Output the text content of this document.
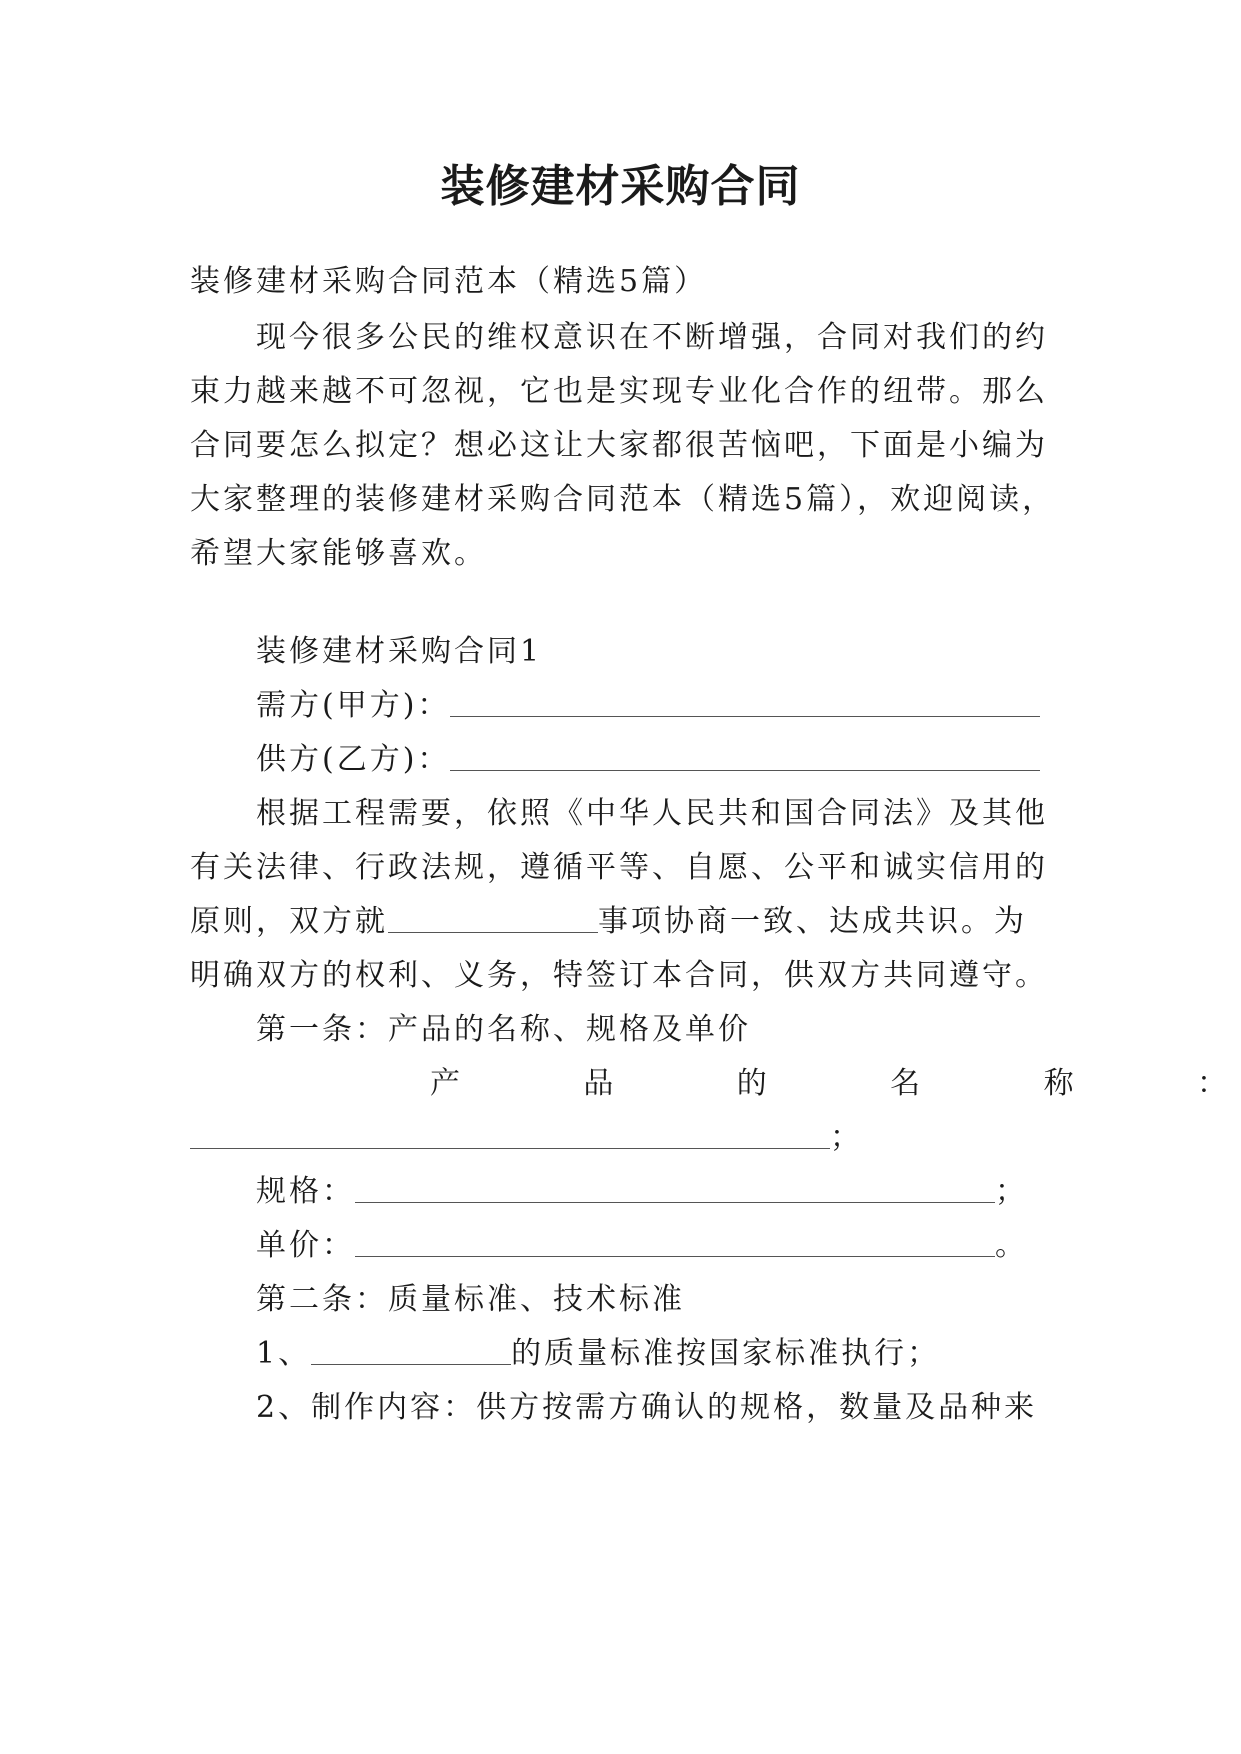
装修建材采购合同
装修建材采购合同范本（精选5篇）
现今很多公民的维权意识在不断增强，合同对我们的约
束力越来越不可忽视，它也是实现专业化合作的纽带。那么
合同要怎么拟定？想必这让大家都很苦恼吧，下面是小编为
大家整理的装修建材采购合同范本（精选5篇），欢迎阅读，
希望大家能够喜欢。
装修建材采购合同1
需方(甲方)：
供方(乙方)：
根据工程需要，依照《中华人民共和国合同法》及其他
有关法律、行政法规，遵循平等、自愿、公平和诚实信用的
原则，双方就	事项协商一致、达成共识。为
明确双方的权利、义务，特签订本合同，供双方共同遵守。
第一条：产品的名称、规格及单价
产	品	的	名	称	：
；
规格：	；
单价：	。
第二条：质量标准、技术标准
1、	的质量标准按国家标准执行；
2、制作内容：供方按需方确认的规格，数量及品种来
